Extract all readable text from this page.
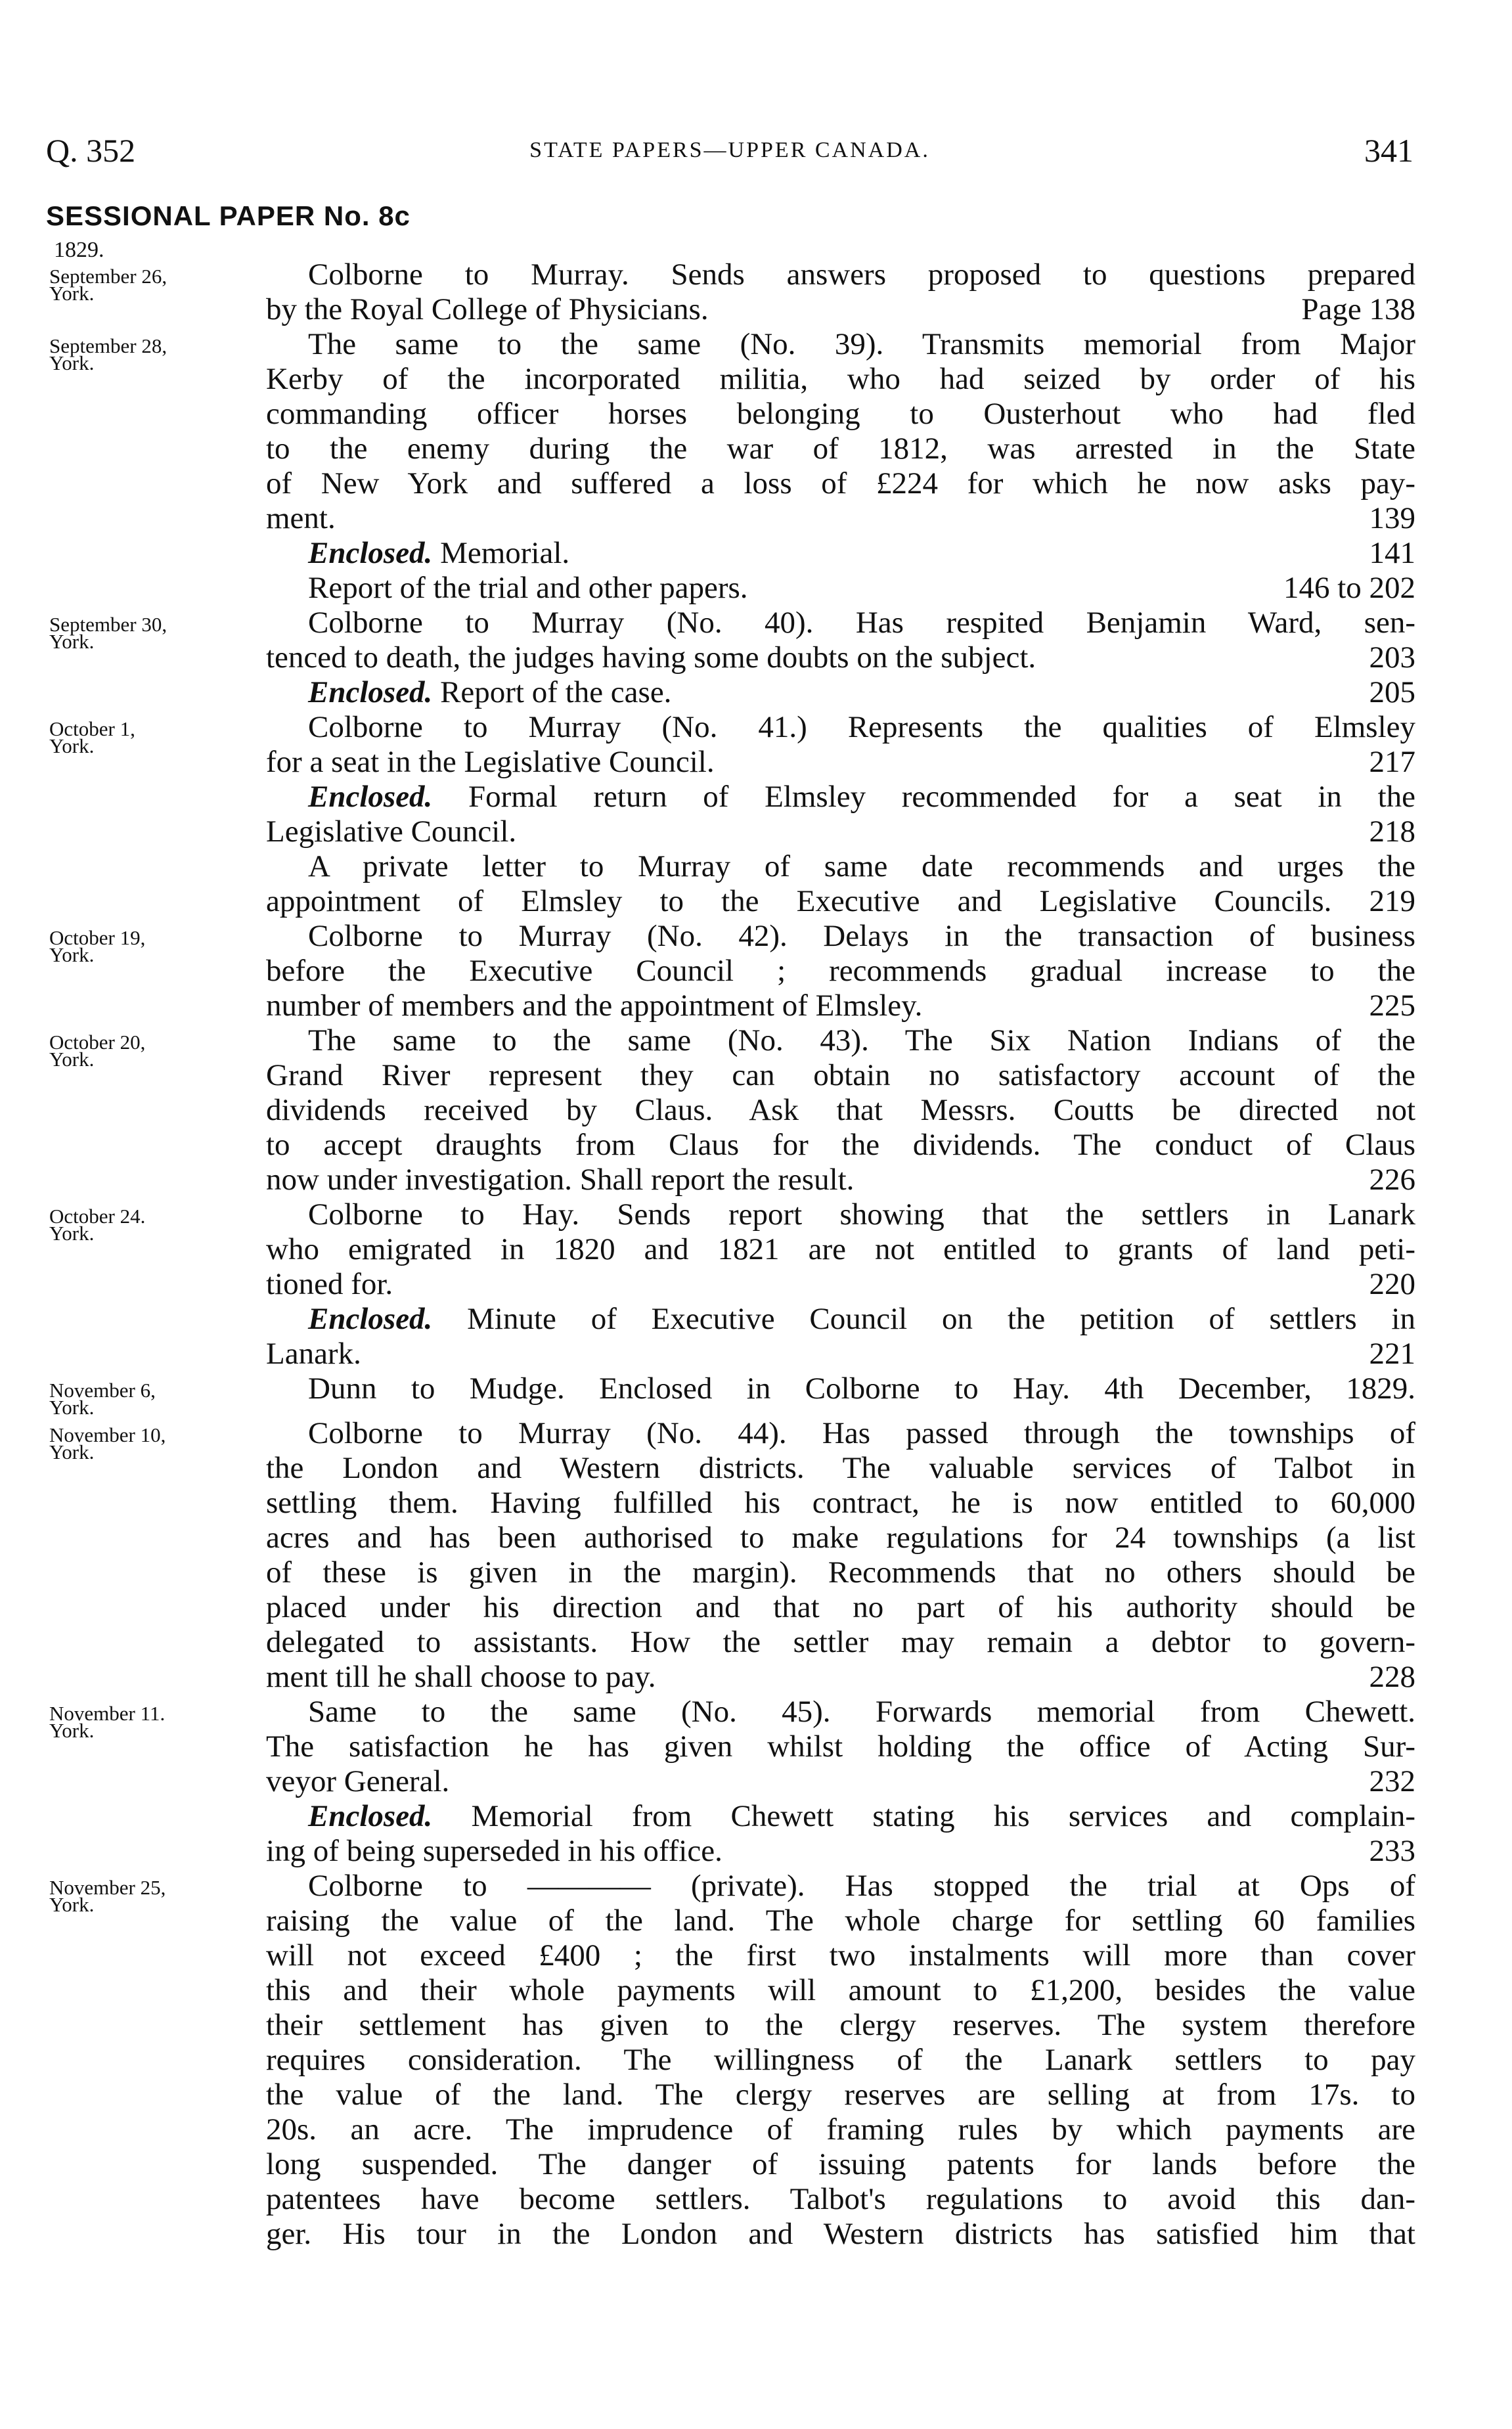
Q. 352	STATE PAPERS—UPPER CANADA.	341
SESSIONAL PAPER No. 8c
1829.
September 26,
York.
Colborne to Murray. Sends answers proposed to questions prepared
by the Royal College of Physicians.	Page 138
September 28,
York.
The same to the same (No. 39). Transmits memorial from Major
Kerby of the incorporated militia, who had seized by order of his
commanding officer horses belonging to Ousterhout who had fled
to the enemy during the war of 1812, was arrested in the State
of New York and suffered a loss of £224 for which he now asks pay-
ment.	139
Enclosed. Memorial.	141
Report of the trial and other papers.	146 to 202
September 30,
York.
Colborne to Murray (No. 40). Has respited Benjamin Ward, sen-
tenced to death, the judges having some doubts on the subject.	203
Enclosed. Report of the case.	205
October 1,
York.
Colborne to Murray (No. 41.) Represents the qualities of Elmsley
for a seat in the Legislative Council.	217
Enclosed. Formal return of Elmsley recommended for a seat in the
Legislative Council.	218
A private letter to Murray of same date recommends and urges the
appointment of Elmsley to the Executive and Legislative Councils. 219
October 19,
York.
Colborne to Murray (No. 42). Delays in the transaction of business
before the Executive Council ; recommends gradual increase to the
number of members and the appointment of Elmsley.	225
October 20,
York.
The same to the same (No. 43). The Six Nation Indians of the
Grand River represent they can obtain no satisfactory account of the
dividends received by Claus. Ask that Messrs. Coutts be directed not
to accept draughts from Claus for the dividends. The conduct of Claus
now under investigation. Shall report the result.	226
October 24.
York.
Colborne to Hay. Sends report showing that the settlers in Lanark
who emigrated in 1820 and 1821 are not entitled to grants of land peti-
tioned for.	220
Enclosed. Minute of Executive Council on the petition of settlers in
Lanark.	221
November 6,
York.
Dunn to Mudge. Enclosed in Colborne to Hay. 4th December, 1829.
November 10,
York.
Colborne to Murray (No. 44). Has passed through the townships of
the London and Western districts. The valuable services of Talbot in
settling them. Having fulfilled his contract, he is now entitled to 60,000
acres and has been authorised to make regulations for 24 townships (a list
of these is given in the margin). Recommends that no others should be
placed under his direction and that no part of his authority should be
delegated to assistants. How the settler may remain a debtor to govern-
ment till he shall choose to pay.	228
November 11.
York.
Same to the same (No. 45). Forwards memorial from Chewett.
The satisfaction he has given whilst holding the office of Acting Sur-
veyor General.	232
Enclosed. Memorial from Chewett stating his services and complain-
ing of being superseded in his office.	233
November 25,
York.
Colborne to ———— (private). Has stopped the trial at Ops of
raising the value of the land. The whole charge for settling 60 families
will not exceed £400 ; the first two instalments will more than cover
this and their whole payments will amount to £1,200, besides the value
their settlement has given to the clergy reserves. The system therefore
requires consideration. The willingness of the Lanark settlers to pay
the value of the land. The clergy reserves are selling at from 17s. to
20s. an acre. The imprudence of framing rules by which payments are
long suspended. The danger of issuing patents for lands before the
patentees have become settlers. Talbot's regulations to avoid this dan-
ger. His tour in the London and Western districts has satisfied him that
